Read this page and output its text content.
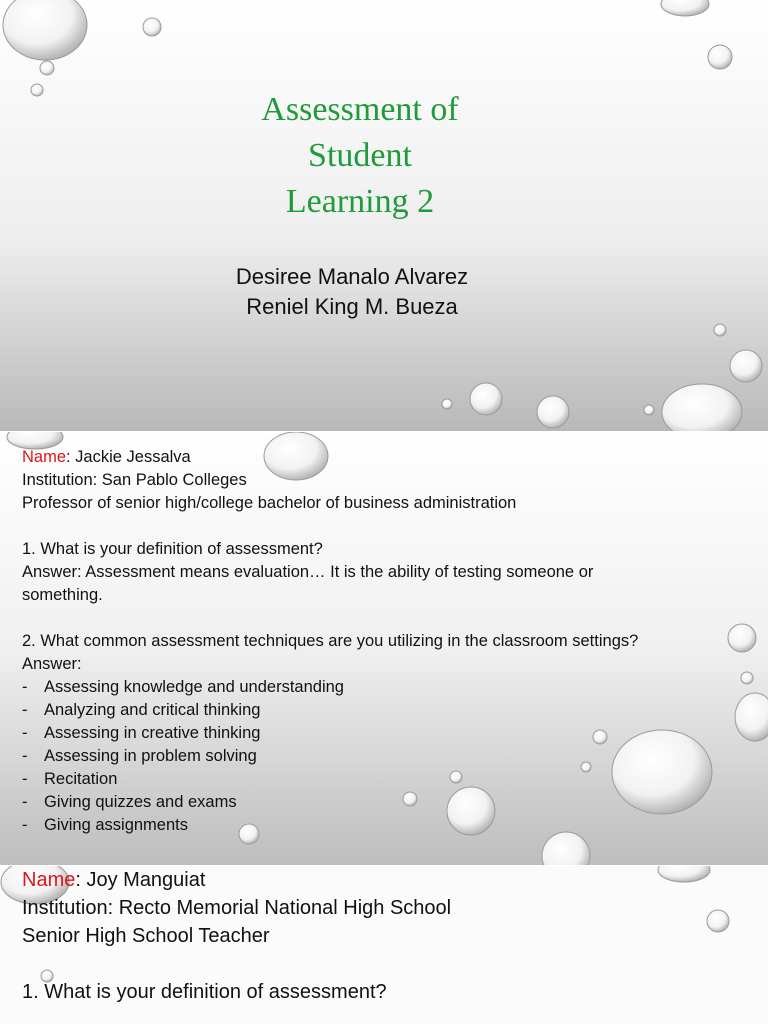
Assessment of
Student
Learning 2
Desiree Manalo Alvarez
Reniel King M. Bueza
Name: Jackie Jessalva
Institution: San Pablo Colleges
Professor of senior high/college bachelor of business administration
1. What is your definition of assessment?
Answer: Assessment means evaluation… It is the ability of testing someone or
something.
2. What common assessment techniques are you utilizing in the classroom settings?
Answer:
- Assessing knowledge and understanding
- Analyzing and critical thinking
- Assessing in creative thinking
- Assessing in problem solving
- Recitation
- Giving quizzes and exams
- Giving assignments
Name: Joy Manguiat
Institution: Recto Memorial National High School
Senior High School Teacher
1. What is your definition of assessment?
